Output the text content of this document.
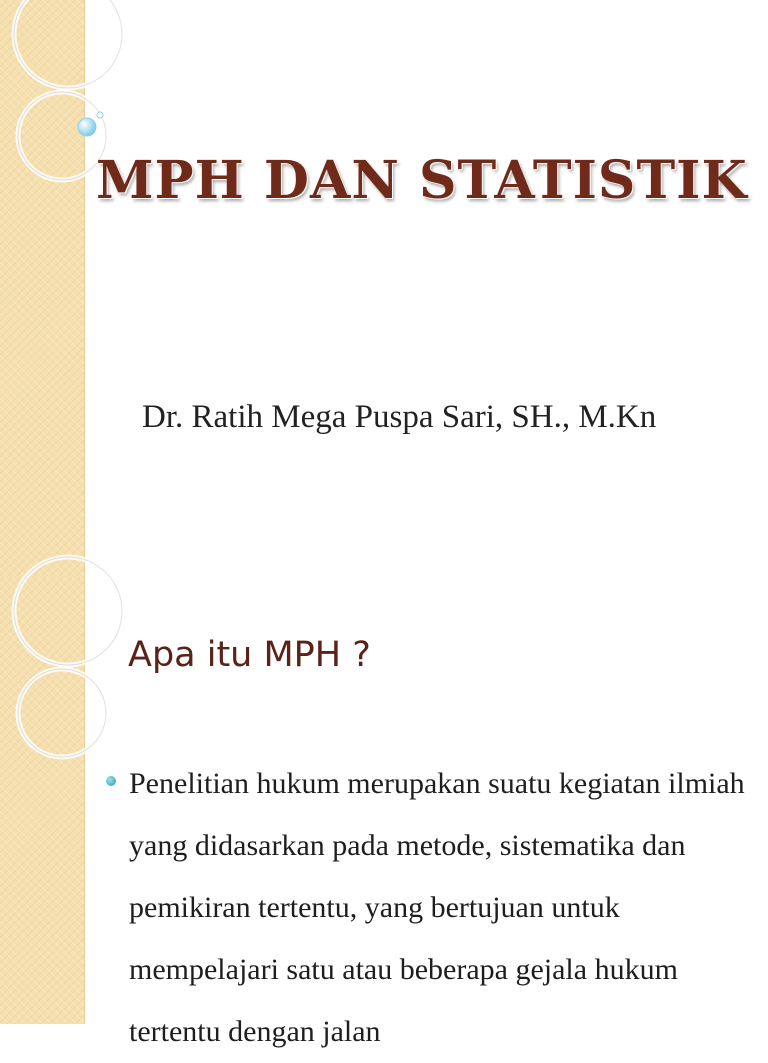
MPH DAN STATISTIK
Dr. Ratih Mega Puspa Sari, SH., M.Kn
Apa itu MPH ?

Penelitian hukum merupakan suatu kegiatan ilmiah yang didasarkan pada metode, sistematika dan pemikiran tertentu, yang bertujuan untuk mempelajari satu atau beberapa gejala hukum tertentu dengan jalan
